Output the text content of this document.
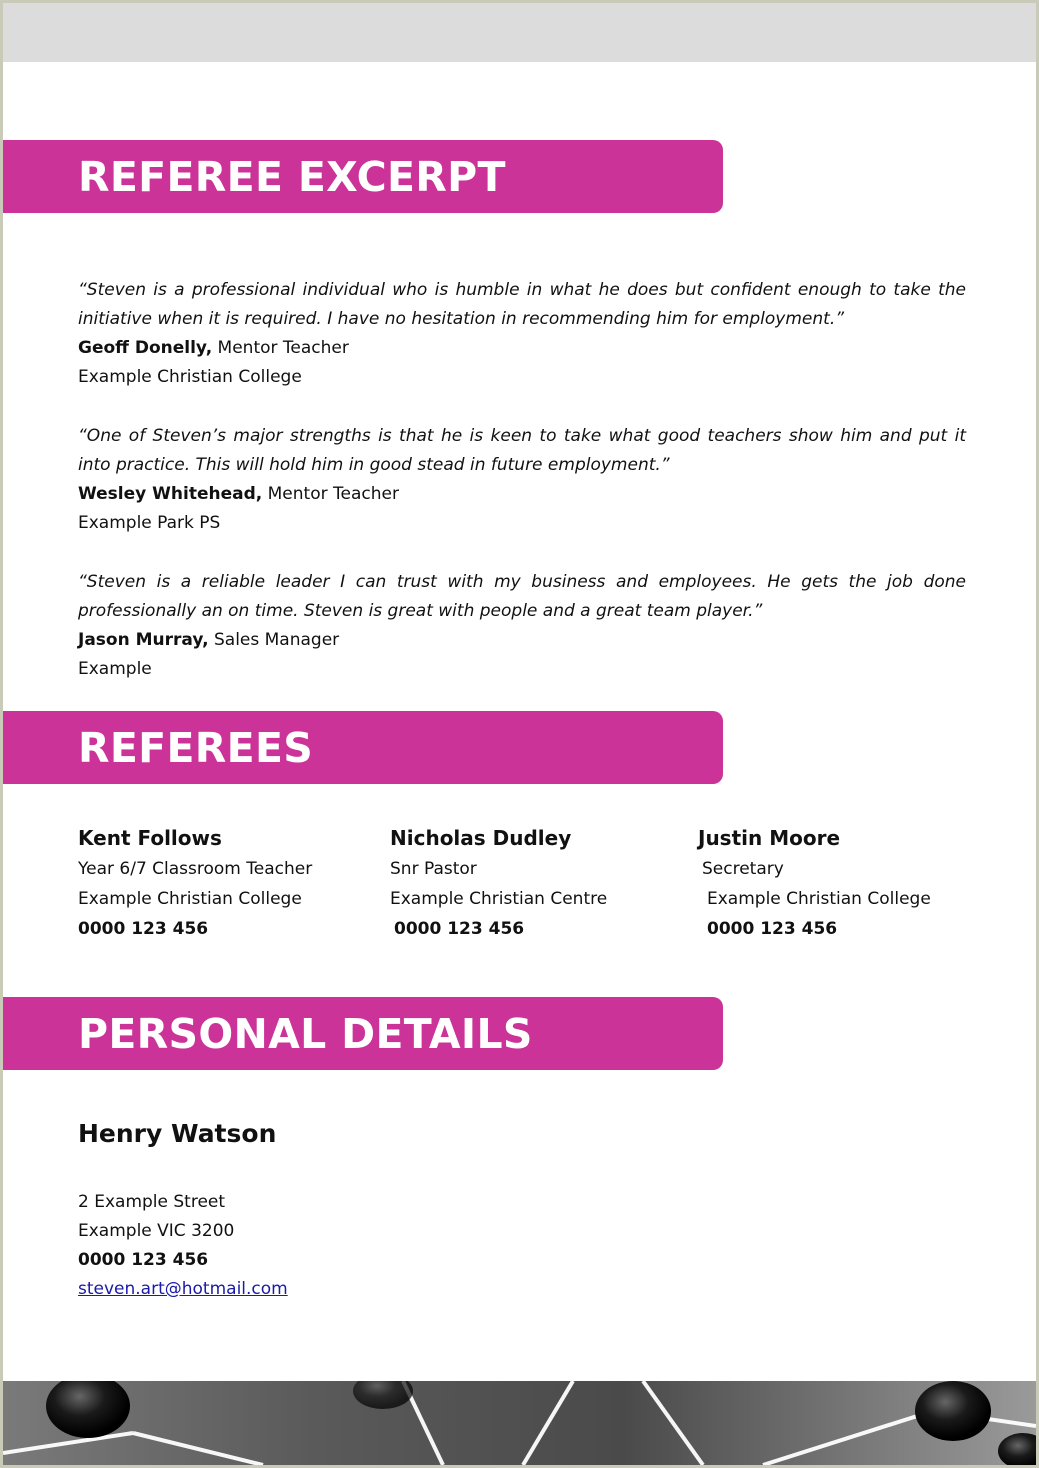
REFEREE EXCERPT

“Steven is a professional individual who is humble in what he does but confident enough to take the initiative when it is required. I have no hesitation in recommending him for employment.”

Geoff Donelly, Mentor Teacher

Example Christian College

“One of Steven’s major strengths is that he is keen to take what good teachers show him and put it into practice. This will hold him in good stead in future employment.”

Wesley Whitehead, Mentor Teacher

Example Park PS

“Steven is a reliable leader I can trust with my business and employees. He gets the job done professionally an on time. Steven is great with people and a great team player.”

Jason Murray, Sales Manager

Example

REFEREES
Kent Follows
Year 6/7 Classroom Teacher
Example Christian College
0000 123 456
Nicholas Dudley
Snr Pastor
Example Christian Centre
0000 123 456
Justin Moore
Secretary
Example Christian College
0000 123 456
PERSONAL DETAILS
Henry Watson
2 Example Street
Example VIC 3200
0000 123 456
steven.art@hotmail.com
